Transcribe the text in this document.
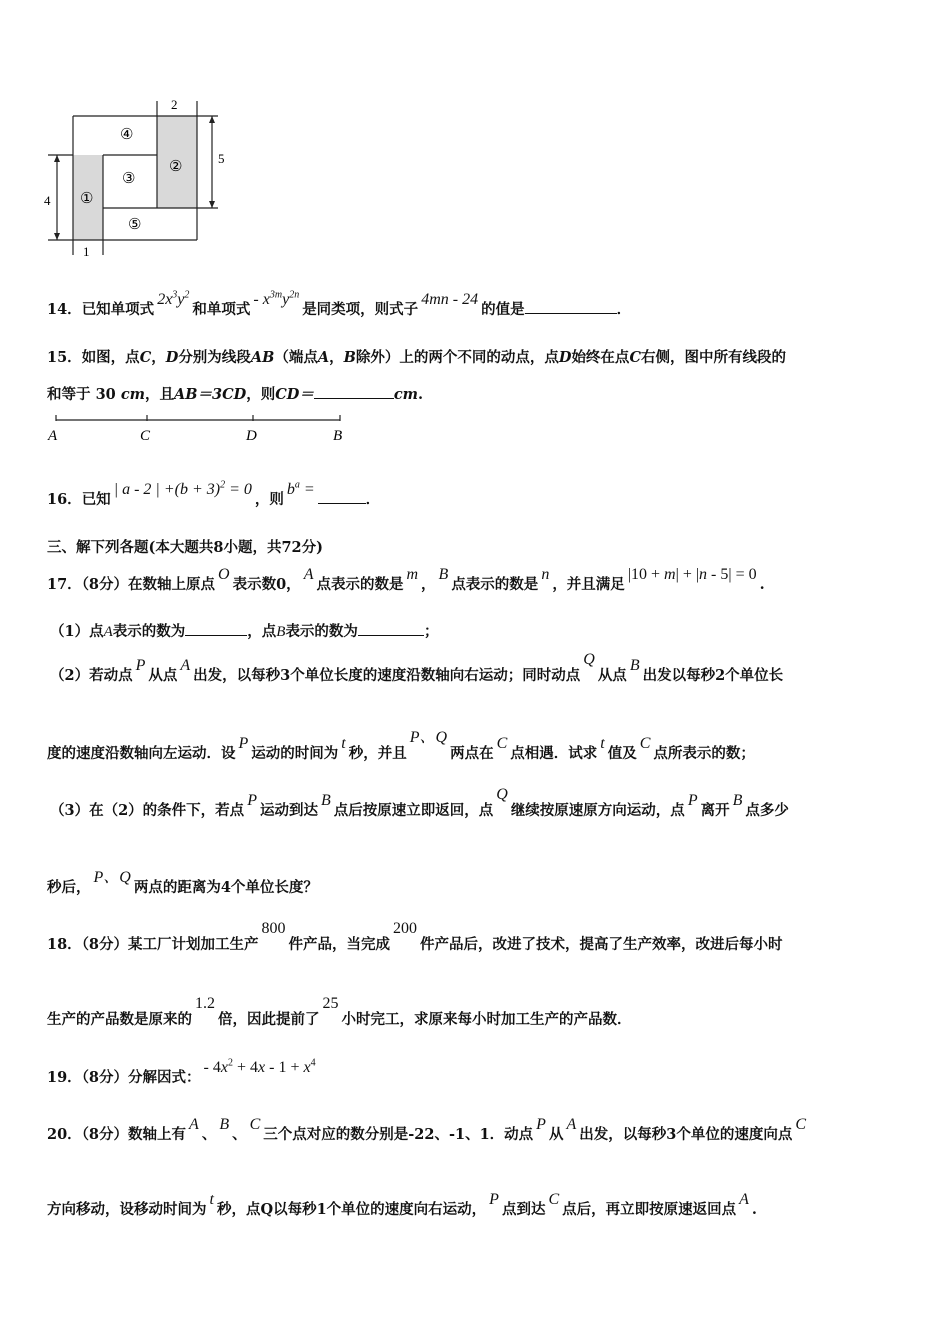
2
5
4
1
④
②
③
①
⑤
14．已知单项式$2x^3y^2$和单项式- $x^{3m}y^{2n}$是同类项，则式子4mn - 24的值是	．
15．如图，点C，D分别为线段AB（端点A，B除外）上的两个不同的动点，点D始终在点C右侧，图中所有线段的
和等于 30 cm，且AB＝3CD，则CD＝	cm.
A	C	D	B
16．已知| a - 2 | $+(b + 3)^2 = 0$，则$b^a$ =．
三、解下列各题(本大题共8小题，共72分)
17．（8分）在数轴上原点O表示数0，A点表示的数是m，B点表示的数是n，并且满足|10 + m| + |n - 5| = 0.
（1）点A表示的数为	，点B表示的数为	；
（2）若动点P从点A出发，以每秒3个单位长度的速度沿数轴向右运动；同时动点Q从点B出发以每秒2个单位长
度的速度沿数轴向左运动．设P运动的时间为t秒，并且P、Q两点在C点相遇．试求t值及C点所表示的数；
（3）在（2）的条件下，若点P运动到达B点后按原速立即返回，点Q继续按原速原方向运动，点P离开B点多少
秒后，P、Q两点的距离为4个单位长度？
18．（8分）某工厂计划加工生产800件产品，当完成200件产品后，改进了技术，提高了生产效率，改进后每小时
生产的产品数是原来的1.2倍，因此提前了25小时完工，求原来每小时加工生产的产品数．
19．（8分）分解因式：- $4x^2 + 4x - 1 + x^4$
20．（8分）数轴上有A、B、C三个点对应的数分别是-22、-1、1．动点P从A出发，以每秒3个单位的速度向点C
方向移动，设移动时间为t秒，点Q以每秒1个单位的速度向右运动，P点到达C点后，再立即按原速返回点A.
